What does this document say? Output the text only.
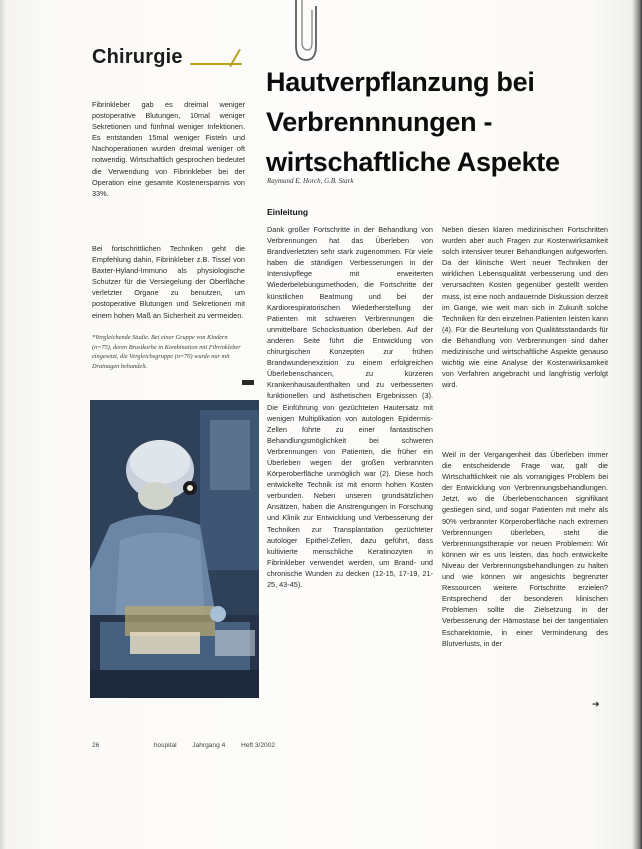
Chirurgie
Hautverpflanzung bei
Verbrennnungen -
wirtschaftliche Aspekte
Raymund E. Horch, G.B. Stark
Einleitung

Fibrinkleber gab es dreimal weniger postoperative Blutungen, 10mal weniger Sekretionen und fünfmal weniger Infektionen. Es entstanden 15mal weniger Fisteln und Nachoperationen wurden dreimal weniger oft notwendig. Wirtschaftlich gesprochen bedeutet die Verwendung von Fibrinkleber bei der Operation eine gesamte Kostenersparnis von 33%.

Bei fortschrittlichen Techniken geht die Empfehlung dahin, Fibrinkleber z.B. Tissel von Baxter-Hyland-Immuno als physiologische Schutzer für die Versiegelung der Oberfläche verletzter Organe zu benutzen, um postoperative Blutungen und Sekretionen mit einem hohen Maß an Sicherheit zu vermeiden.

*Vergleichende Studie. Bei einer Gruppe von Kindern (n=75), deren Brustkorbe in Kombination mit Fibrinkleber eingesetzt, die Vergleichsgruppe (n=70) wurde nur mit Drainagen behandelt.

Dank großer Fortschritte in der Behandlung von Verbrennungen hat das Überleben von Brandverletzten sehr stark zugenommen. Für viele haben die ständigen Verbesserungen in der Intensivpflege mit erweiterten Wiederbelebungsmethoden, die Fortschritte der künstlichen Beatmung und bei der Kardiorespiratorischen Wiederherstellung der Patienten mit schweren Verbrennungen die unmittelbare Schocksituation überleben. Auf der anderen Seite führt die Entwicklung von chirurgischen Konzepten zur frühen Brandwundenexzision zu einem erfolgreichen Überlebenschancen, zu kürzeren Krankenhausaufenthalten und zu verbesserten funktionellen und ästhetischen Ergebnissen (3). Die Einführung von gezüchteten Hautersatz mit wenigen Multiplikation von autologen Epidermis-Zellen führte zu einer fantastischen Behandlungsmöglichkeit bei schweren Verbrennungen von Patienten, die früher ein Überleben wegen der großen verbrannten Körperoberfläche unmöglich war (2). Diese hoch entwickelte Technik ist mit enorm hohen Kosten verbunden. Neben unseren grundsätzlichen Ansätzen, haben die Anstrengungen in Forschung und Klinik zur Entwicklung und Verbesserung der Techniken zur Transplantation gezüchteter autologer Epithel-Zellen, dazu geführt, dass kultivierte menschliche Keratinozyten in Fibrinkleber verwendet werden, um Brand- und chronische Wunden zu decken (12-15, 17-19, 21-25, 43-45).

Neben diesen klaren medizinischen Fortschritten wurden aber auch Fragen zur Kostenwirksamkeit solch intensiver teurer Behandlungen aufgeworfen. Da der klinische Wert neuer Techniken der wirklichen Lebensqualität verbesserung und den verursachten Kosten gegenüber gestellt werden muss, ist eine noch andauernde Diskussion derzeit im Gange, wie weit man sich in Zukunft solche Techniken für den einzelnen Patienten leisten kann (4). Für die Beurteilung von Qualitätsstandards für die Behandlung von Verbrennungen sind daher medizinische und wirtschaftliche Aspekte genauso wichtig wie eine Analyse der Kostenwirksamkeit von Verfahren angebracht und langfristig verfolgt wird.

Weil in der Vergangenheit das Überleben immer die entscheidende Frage war, galt die Wirtschaftlichkeit nie als vorrangiges Problem bei der Entwicklung von Verbrennungsbehandlungen. Jetzt, wo die Überlebenschancen signifikant gestiegen sind, und sogar Patienten mit mehr als 90% verbrannter Körperoberfläche nach extremen Verbrennungen überleben, steht die Verbrennungstherapie vor neuen Problemen: Wir können wir es uns leisten, das hoch entwickelte Niveau der Verbrennungsbehandlungen zu halten und wie können wir angesichts begrenzter Ressourcen weitere Fortschritte erzielen? Entsprechend der besonderen klinischen Problemen sollte die Zielsetzung in der Verbesserung der Hämostase bei der tangentialen Escharektomie, in einer Verminderung des Blutverlusts, in der

➔
26	hospital Jahrgang 4 Heft 3/2002
